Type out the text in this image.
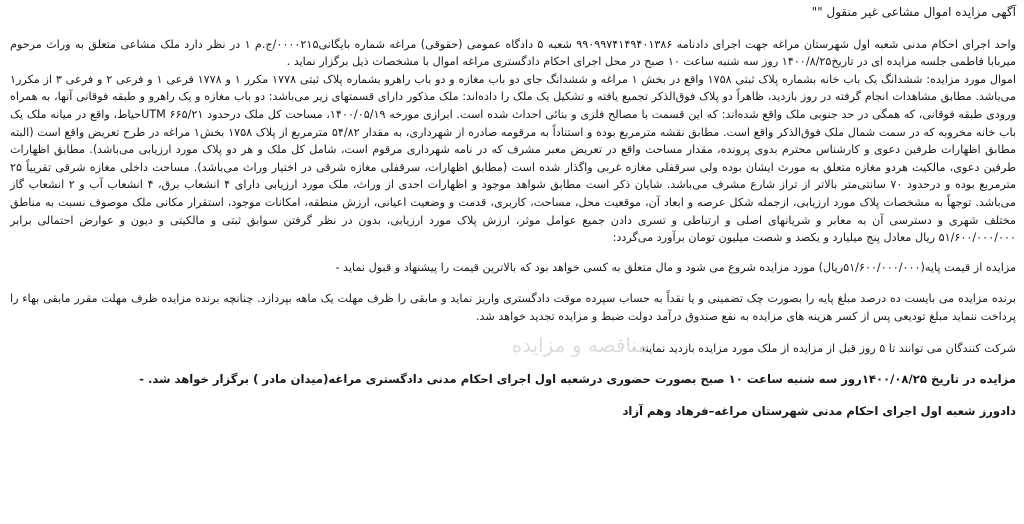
آگهی مزایده اموال مشاعی غیر منقول ""

واحد اجرای احکام مدنی شعبه اول شهرستان مراغه جهت اجرای دادنامه ۹۹۰۹۹۷۴۱۴۹۴۰۱۳۸۶ شعبه ۵ دادگاه عمومی (حقوقی) مراغه شماره بایگانی۰۰۰۰۲۱۵/ج.م ۱ در نظر دارد ملک مشاعی متعلق به وراث مرحوم میربابا فاطمی جلسه مزایده ای در تاریخ۱۴۰۰/۸/۲۵ روز سه شنبه ساعت ۱۰ صبح در محل اجرای احکام دادگستری مراغه اموال با مشخصات ذیل برگزار نماید .

اموال مورد مزایده: ششدانگ یک باب خانه بشماره پلاک ثبتی ۱۷۵۸ واقع در بخش ۱ مراغه و ششدانگ جای دو باب مغازه و دو باب راهرو بشماره پلاک ثبتی ۱۷۷۸ مکرر ۱ و ۱۷۷۸ فرعی ۱ و فرعی ۲ و فرعی ۳ از مکرر۱ می‌باشد. مطابق مشاهدات انجام گرفته در روز بازدید، ظاهراً دو پلاک فوق‌الذکر تجمیع یافته و تشکیل یک ملک را داده‌اند: ملک مذکور دارای قسمتهای زیر می‌باشد: دو باب مغازه و یک راهرو و طبقه فوقانی آنها، به همراه ورودی طبقه فوقانی، که همگی در حد جنوبی ملک واقع شده‌اند: که این قسمت با مصالح فلزی و بنائی احداث شده است. ابرازی مورخه ۱۴۰۰/۰۵/۱۹، مساحت کل ملک درحدود ۶۶۵/۲۱ UTMحیاط، واقع در میانه ملک یک باب خانه مخروبه که در سمت شمال ملک فوق‌الذکر واقع است. مطابق نقشه مترمربع بوده و استناداً به مرقومه صادره از شهرداری، به مقدار ۵۴/۸۲ مترمربع از پلاک ۱۷۵۸ بخش۱ مراغه در طرح تعریض واقع است (البته مطابق اظهارات طرفین دعوی و کارشناس محترم بدوی پرونده، مقدار مساحت واقع در تعریض معبر مشرف که در نامه شهرداری مرقوم است، شامل کل ملک و هر دو پلاک مورد ارزیابی می‌باشد). مطابق اظهارات طرفین دعوی، مالکیت هردو مغازه متعلق به مورث ایشان بوده ولی سرقفلی مغازه غربی واگذار شده است (مطابق اظهارات، سرقفلی مغازه شرقی در اختیار وراث می‌باشد). مساحت داخلی مغازه شرقی تقریباً ۲۵ مترمربع بوده و درحدود ۷۰ سانتی‌متر بالاتر از تراز شارع مشرف می‌باشد. شایان ذکر است مطابق شواهد موجود و اظهارات احدی از وراث، ملک مورد ارزیابی دارای ۴ انشعاب برق، ۴ انشعاب آب و ۲ انشعاب گاز می‌باشد. توجهاً به مشخصات پلاک مورد ارزیابی، ازجمله شکل عرصه و ابعاد آن، موقعیت محل، مساحت، کاربری، قدمت و وضعیت اعیانی، ارزش منطقه، امکانات موجود، استقرار مکانی ملک موصوف نسبت به مناطق مختلف شهری و دسترسی آن به معابر و شریانهای اصلی و ارتباطی و تسری دادن جمیع عوامل موثر، ارزش پلاک مورد ارزیابی، بدون در نظر گرفتن سوابق ثبتی و مالکیتی و دیون و عوارض احتمالی برابر ۵۱/۶۰۰/۰۰۰/۰۰۰ ریال معادل پنج میلیارد و یکصد و شصت میلیون تومان برآورد می‌گردد:

مزایده از قیمت پایه(۵۱/۶۰۰/۰۰۰/۰۰۰ریال) مورد مزایده شروع می شود و مال متعلق به کسی خواهد بود که بالاترین قیمت را پیشنهاد و قبول نماید -

برنده مزایده می بایست ده درصد مبلغ پایه را بصورت چک تضمینی و یا نقداً به حساب سپرده موقت دادگستری واریز نماید و مابقی را ظرف مهلت یک ماهه بپردازد. چنانچه برنده مزایده ظرف مهلت مقرر مابقی بهاء را پرداخت ننماید مبلغ تودیعی پس از کسر هزینه های مزایده به نفع صندوق درآمد دولت ضبط و مزایده تجدید خواهد شد.

شرکت کنندگان می توانند تا ۵ روز قبل از مزایده از ملک مورد مزایده بازدید نمایند.-

مزایده در تاریخ ۱۴۰۰/۰۸/۲۵روز سه شنبه ساعت ۱۰ صبح بصورت حضوری درشعبه اول اجرای احکام مدنی دادگستری مراغه(میدان مادر ) برگزار خواهد شد. -

دادورز شعبه اول اجرای احکام مدنی شهرستان مراغه–فرهاد وهم آزاد

مناقصه و مزایده
